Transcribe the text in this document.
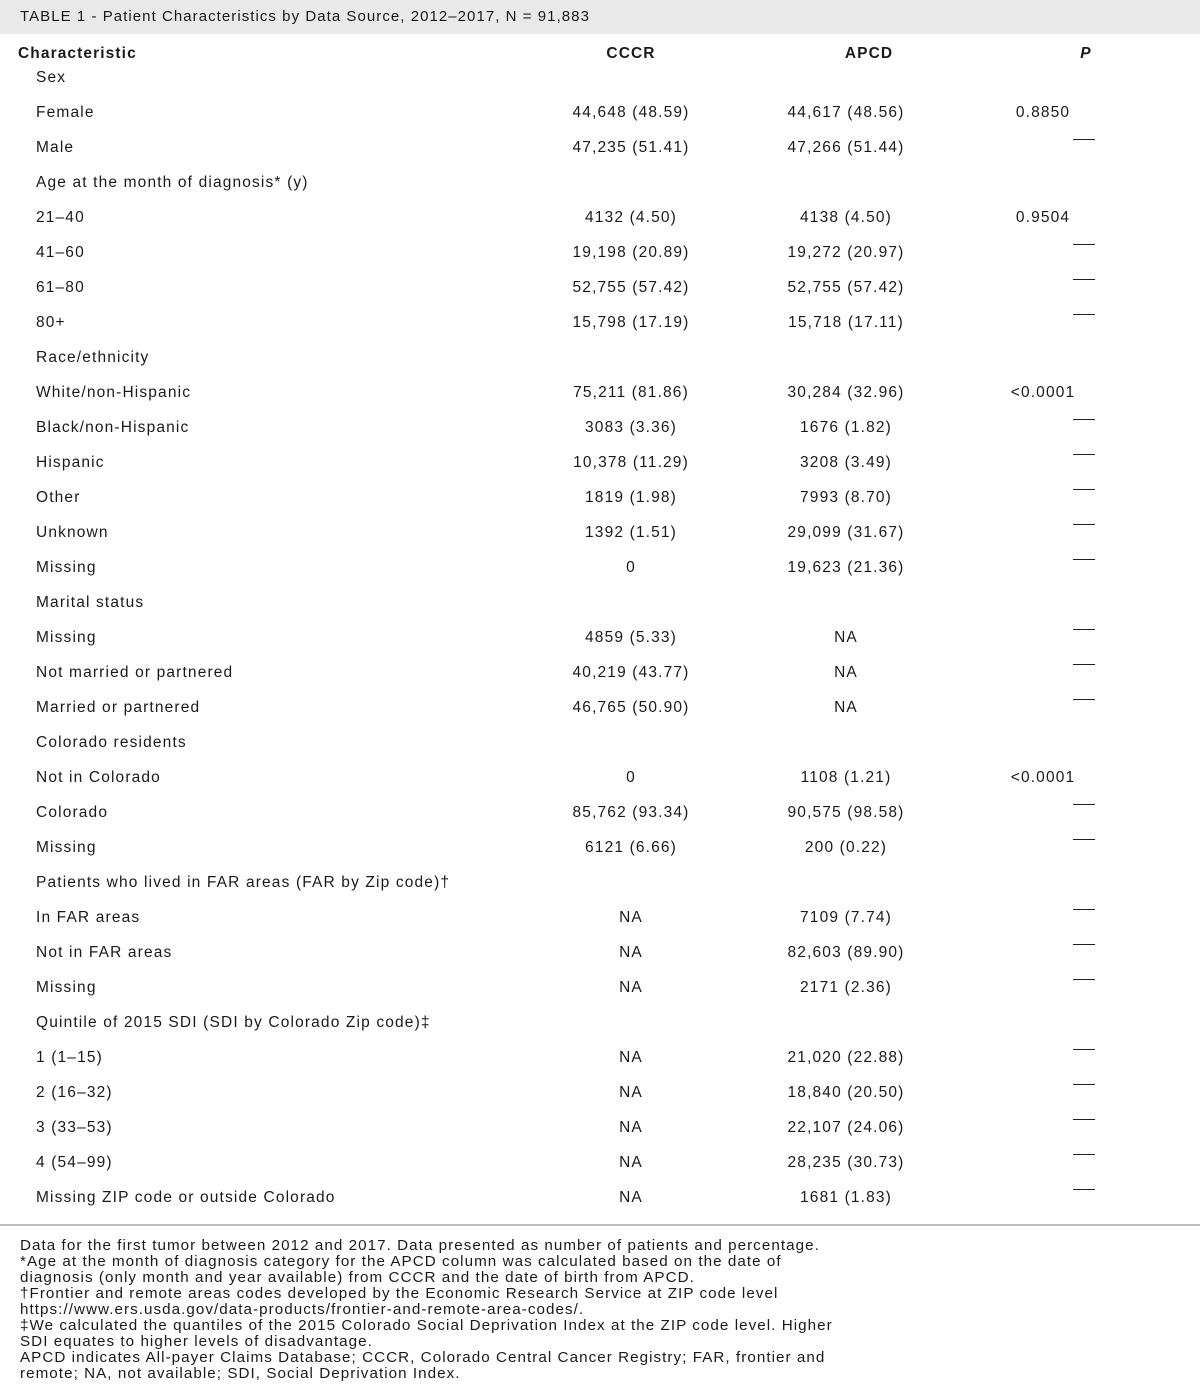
TABLE 1 - Patient Characteristics by Data Source, 2012–2017, N = 91,883
Characteristic	CCCR	APCD	P
Sex
Female	44,648 (48.59)	44,617 (48.56)	0.8850
Male	47,235 (51.41)	47,266 (51.44)
Age at the month of diagnosis* (y)
21–40	4132 (4.50)	4138 (4.50)	0.9504
41–60	19,198 (20.89)	19,272 (20.97)
61–80	52,755 (57.42)	52,755 (57.42)
80+	15,798 (17.19)	15,718 (17.11)
Race/ethnicity
White/non-Hispanic	75,211 (81.86)	30,284 (32.96)	<0.0001
Black/non-Hispanic	3083 (3.36)	1676 (1.82)
Hispanic	10,378 (11.29)	3208 (3.49)
Other	1819 (1.98)	7993 (8.70)
Unknown	1392 (1.51)	29,099 (31.67)
Missing	0	19,623 (21.36)
Marital status
Missing	4859 (5.33)	NA
Not married or partnered	40,219 (43.77)	NA
Married or partnered	46,765 (50.90)	NA
Colorado residents
Not in Colorado	0	1108 (1.21)	<0.0001
Colorado	85,762 (93.34)	90,575 (98.58)
Missing	6121 (6.66)	200 (0.22)
Patients who lived in FAR areas (FAR by Zip code)†
In FAR areas	NA	7109 (7.74)
Not in FAR areas	NA	82,603 (89.90)
Missing	NA	2171 (2.36)
Quintile of 2015 SDI (SDI by Colorado Zip code)‡
1 (1–15)	NA	21,020 (22.88)
2 (16–32)	NA	18,840 (20.50)
3 (33–53)	NA	22,107 (24.06)
4 (54–99)	NA	28,235 (30.73)
Missing ZIP code or outside Colorado	NA	1681 (1.83)
Data for the first tumor between 2012 and 2017. Data presented as number of patients and percentage.
*Age at the month of diagnosis category for the APCD column was calculated based on the date of
diagnosis (only month and year available) from CCCR and the date of birth from APCD.
†Frontier and remote areas codes developed by the Economic Research Service at ZIP code level
https://www.ers.usda.gov/data-products/frontier-and-remote-area-codes/.
‡We calculated the quantiles of the 2015 Colorado Social Deprivation Index at the ZIP code level. Higher
SDI equates to higher levels of disadvantage.
APCD indicates All-payer Claims Database; CCCR, Colorado Central Cancer Registry; FAR, frontier and
remote; NA, not available; SDI, Social Deprivation Index.
